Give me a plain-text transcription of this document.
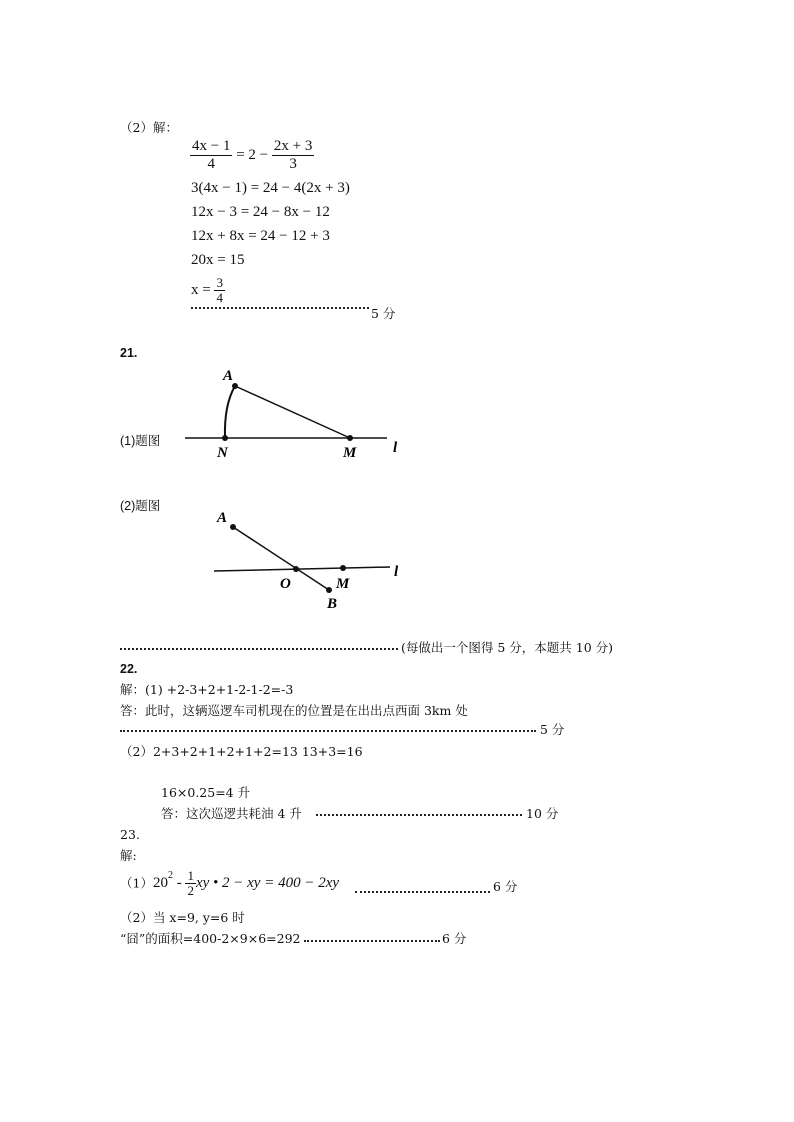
（2）解：
$\frac{4x - 1}{4} = 2 - \frac{2x + 3}{3}$
3(4x − 1) = 24 − 4(2x + 3)
12x − 3 = 24 − 8x − 12
12x + 8x = 24 − 12 + 3
20x = 15
$x = \frac{3}{4}$
5 分
21.
(1)题图
A
N	M l
A
O	M
B
l
(2)题图
(每做出一个图得 5 分，本题共 10 分)
22.
解：(1) +2-3+2+1-2-1-2=-3
答：此时，这辆巡逻车司机现在的位置是在出出点西面 3km 处
5 分
（2）2+3+2+1+2+1+2=13 13+3=16
16×0.25=4 升
答：这次巡逻共耗油 4 升	10 分
23.
解:
$(1)20^2 - \frac{1}{2}$ xy • 2 − xy = 400 − 2xy	6 分
（2）当 x=9, y=6 时
“囧”的面积=400-2×9×6=292	6 分
